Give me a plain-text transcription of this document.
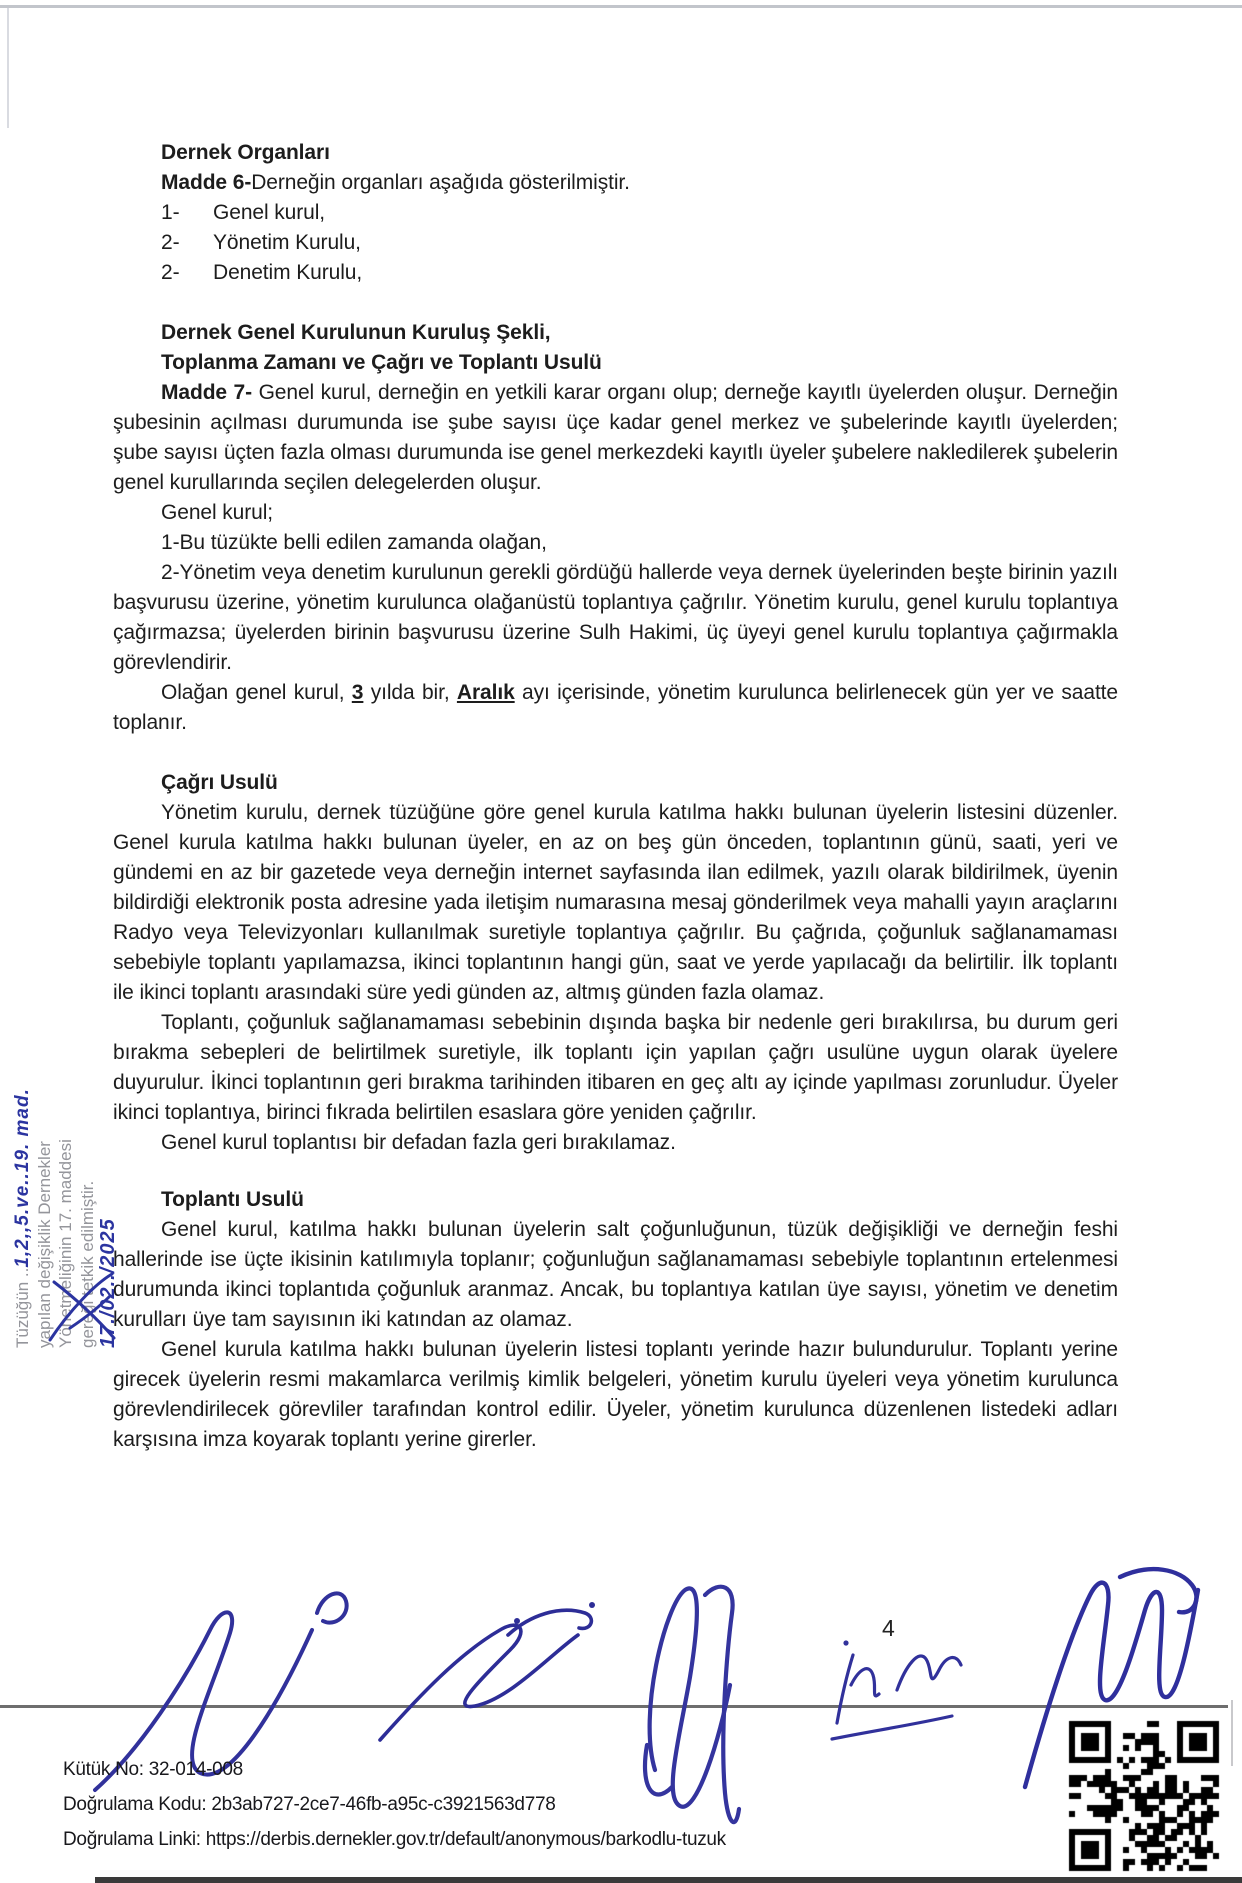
Dernek Organları

Madde 6-Derneğin organları aşağıda gösterilmiştir.

1-	Genel kurul,
2-	Yönetim Kurulu,
2-	Denetim Kurulu,

Dernek Genel Kurulunun Kuruluş Şekli,

Toplanma Zamanı ve Çağrı ve Toplantı Usulü

Madde 7- Genel kurul, derneğin en yetkili karar organı olup; derneğe kayıtlı üyelerden oluşur. Derneğin şubesinin açılması durumunda ise şube sayısı üçe kadar genel merkez ve şubelerinde kayıtlı üyelerden; şube sayısı üçten fazla olması durumunda ise genel merkezdeki kayıtlı üyeler şubelere nakledilerek şubelerin genel kurullarında seçilen delegelerden oluşur.

Genel kurul;

1-Bu tüzükte belli edilen zamanda olağan,

2-Yönetim veya denetim kurulunun gerekli gördüğü hallerde veya dernek üyelerinden beşte birinin yazılı başvurusu üzerine, yönetim kurulunca olağanüstü toplantıya çağrılır. Yönetim kurulu, genel kurulu toplantıya çağırmazsa; üyelerden birinin başvurusu üzerine Sulh Hakimi, üç üyeyi genel kurulu toplantıya çağırmakla görevlendirir.

Olağan genel kurul, 3 yılda bir, Aralık ayı içerisinde, yönetim kurulunca belirlenecek gün yer ve saatte toplanır.

Çağrı Usulü

Yönetim kurulu, dernek tüzüğüne göre genel kurula katılma hakkı bulunan üyelerin listesini düzenler. Genel kurula katılma hakkı bulunan üyeler, en az on beş gün önceden, toplantının günü, saati, yeri ve gündemi en az bir gazetede veya derneğin internet sayfasında ilan edilmek, yazılı olarak bildirilmek, üyenin bildirdiği elektronik posta adresine yada iletişim numarasına mesaj gönderilmek veya mahalli yayın araçlarını Radyo veya Televizyonları kullanılmak suretiyle toplantıya çağrılır. Bu çağrıda, çoğunluk sağlanamaması sebebiyle toplantı yapılamazsa, ikinci toplantının hangi gün, saat ve yerde yapılacağı da belirtilir. İlk toplantı ile ikinci toplantı arasındaki süre yedi günden az, altmış günden fazla olamaz.

Toplantı, çoğunluk sağlanamaması sebebinin dışında başka bir nedenle geri bırakılırsa, bu durum geri bırakma sebepleri de belirtilmek suretiyle, ilk toplantı için yapılan çağrı usulüne uygun olarak üyelere duyurulur. İkinci toplantının geri bırakma tarihinden itibaren en geç altı ay içinde yapılması zorunludur. Üyeler ikinci toplantıya, birinci fıkrada belirtilen esaslara göre yeniden çağrılır.

Genel kurul toplantısı bir defadan fazla geri bırakılamaz.

Toplantı Usulü

Genel kurul, katılma hakkı bulunan üyelerin salt çoğunluğunun, tüzük değişikliği ve derneğin feshi hallerinde ise üçte ikisinin katılımıyla toplanır; çoğunluğun sağlanamaması sebebiyle toplantının ertelenmesi durumunda ikinci toplantıda çoğunluk aranmaz. Ancak, bu toplantıya katılan üye sayısı, yönetim ve denetim kurulları üye tam sayısının iki katından az olamaz.

Genel kurula katılma hakkı bulunan üyelerin listesi toplantı yerinde hazır bulundurulur. Toplantı yerine girecek üyelerin resmi makamlarca verilmiş kimlik belgeleri, yönetim kurulu üyeleri veya yönetim kurulunca görevlendirilecek görevliler tarafından kontrol edilir. Üyeler, yönetim kurulunca düzenlenen listedeki adları karşısına imza koyarak toplantı yerine girerler.

Tüzüğün ..1,2,,5.ve..19. mad. yapılan değişiklik Dernekler Yönetmeliğinin 17. maddesi gereği tetkik edilmiştir. 17./02../2025
4
Kütük No: 32-014-008
Doğrulama Kodu: 2b3ab727-2ce7-46fb-a95c-c3921563d778
Doğrulama Linki: https://derbis.dernekler.gov.tr/default/anonymous/barkodlu-tuzuk
